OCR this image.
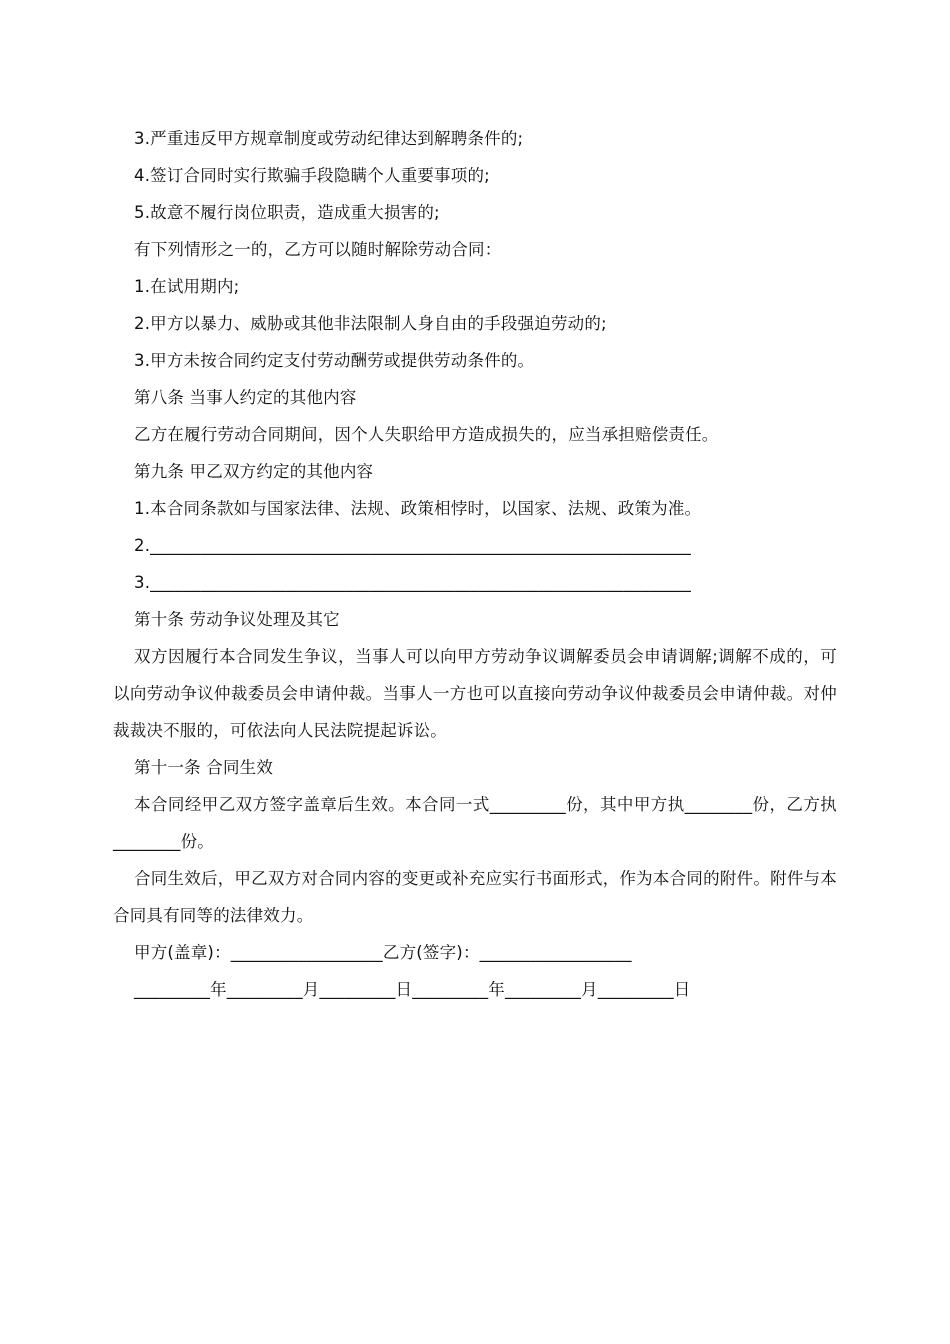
3.严重违反甲方规章制度或劳动纪律达到解聘条件的;
4.签订合同时实行欺骗手段隐瞒个人重要事项的;
5.故意不履行岗位职责，造成重大损害的;
有下列情形之一的，乙方可以随时解除劳动合同：
1.在试用期内;
2.甲方以暴力、威胁或其他非法限制人身自由的手段强迫劳动的;
3.甲方未按合同约定支付劳动酬劳或提供劳动条件的。
第八条 当事人约定的其他内容
乙方在履行劳动合同期间，因个人失职给甲方造成损失的，应当承担赔偿责任。
第九条 甲乙双方约定的其他内容
1.本合同条款如与国家法律、法规、政策相悖时，以国家、法规、政策为准。
2.________________________________________________________________
3.________________________________________________________________
第十条 劳动争议处理及其它
双方因履行本合同发生争议，当事人可以向甲方劳动争议调解委员会申请调解;调解不成的，可以向劳动争议仲裁委员会申请仲裁。当事人一方也可以直接向劳动争议仲裁委员会申请仲裁。对仲裁裁决不服的，可依法向人民法院提起诉讼。
第十一条 合同生效
本合同经甲乙双方签字盖章后生效。本合同一式_________份，其中甲方执________份，乙方执________份。
合同生效后，甲乙双方对合同内容的变更或补充应实行书面形式，作为本合同的附件。附件与本合同具有同等的法律效力。
甲方(盖章)：__________________乙方(签字)：__________________
_________年_________月_________日_________年_________月_________日
